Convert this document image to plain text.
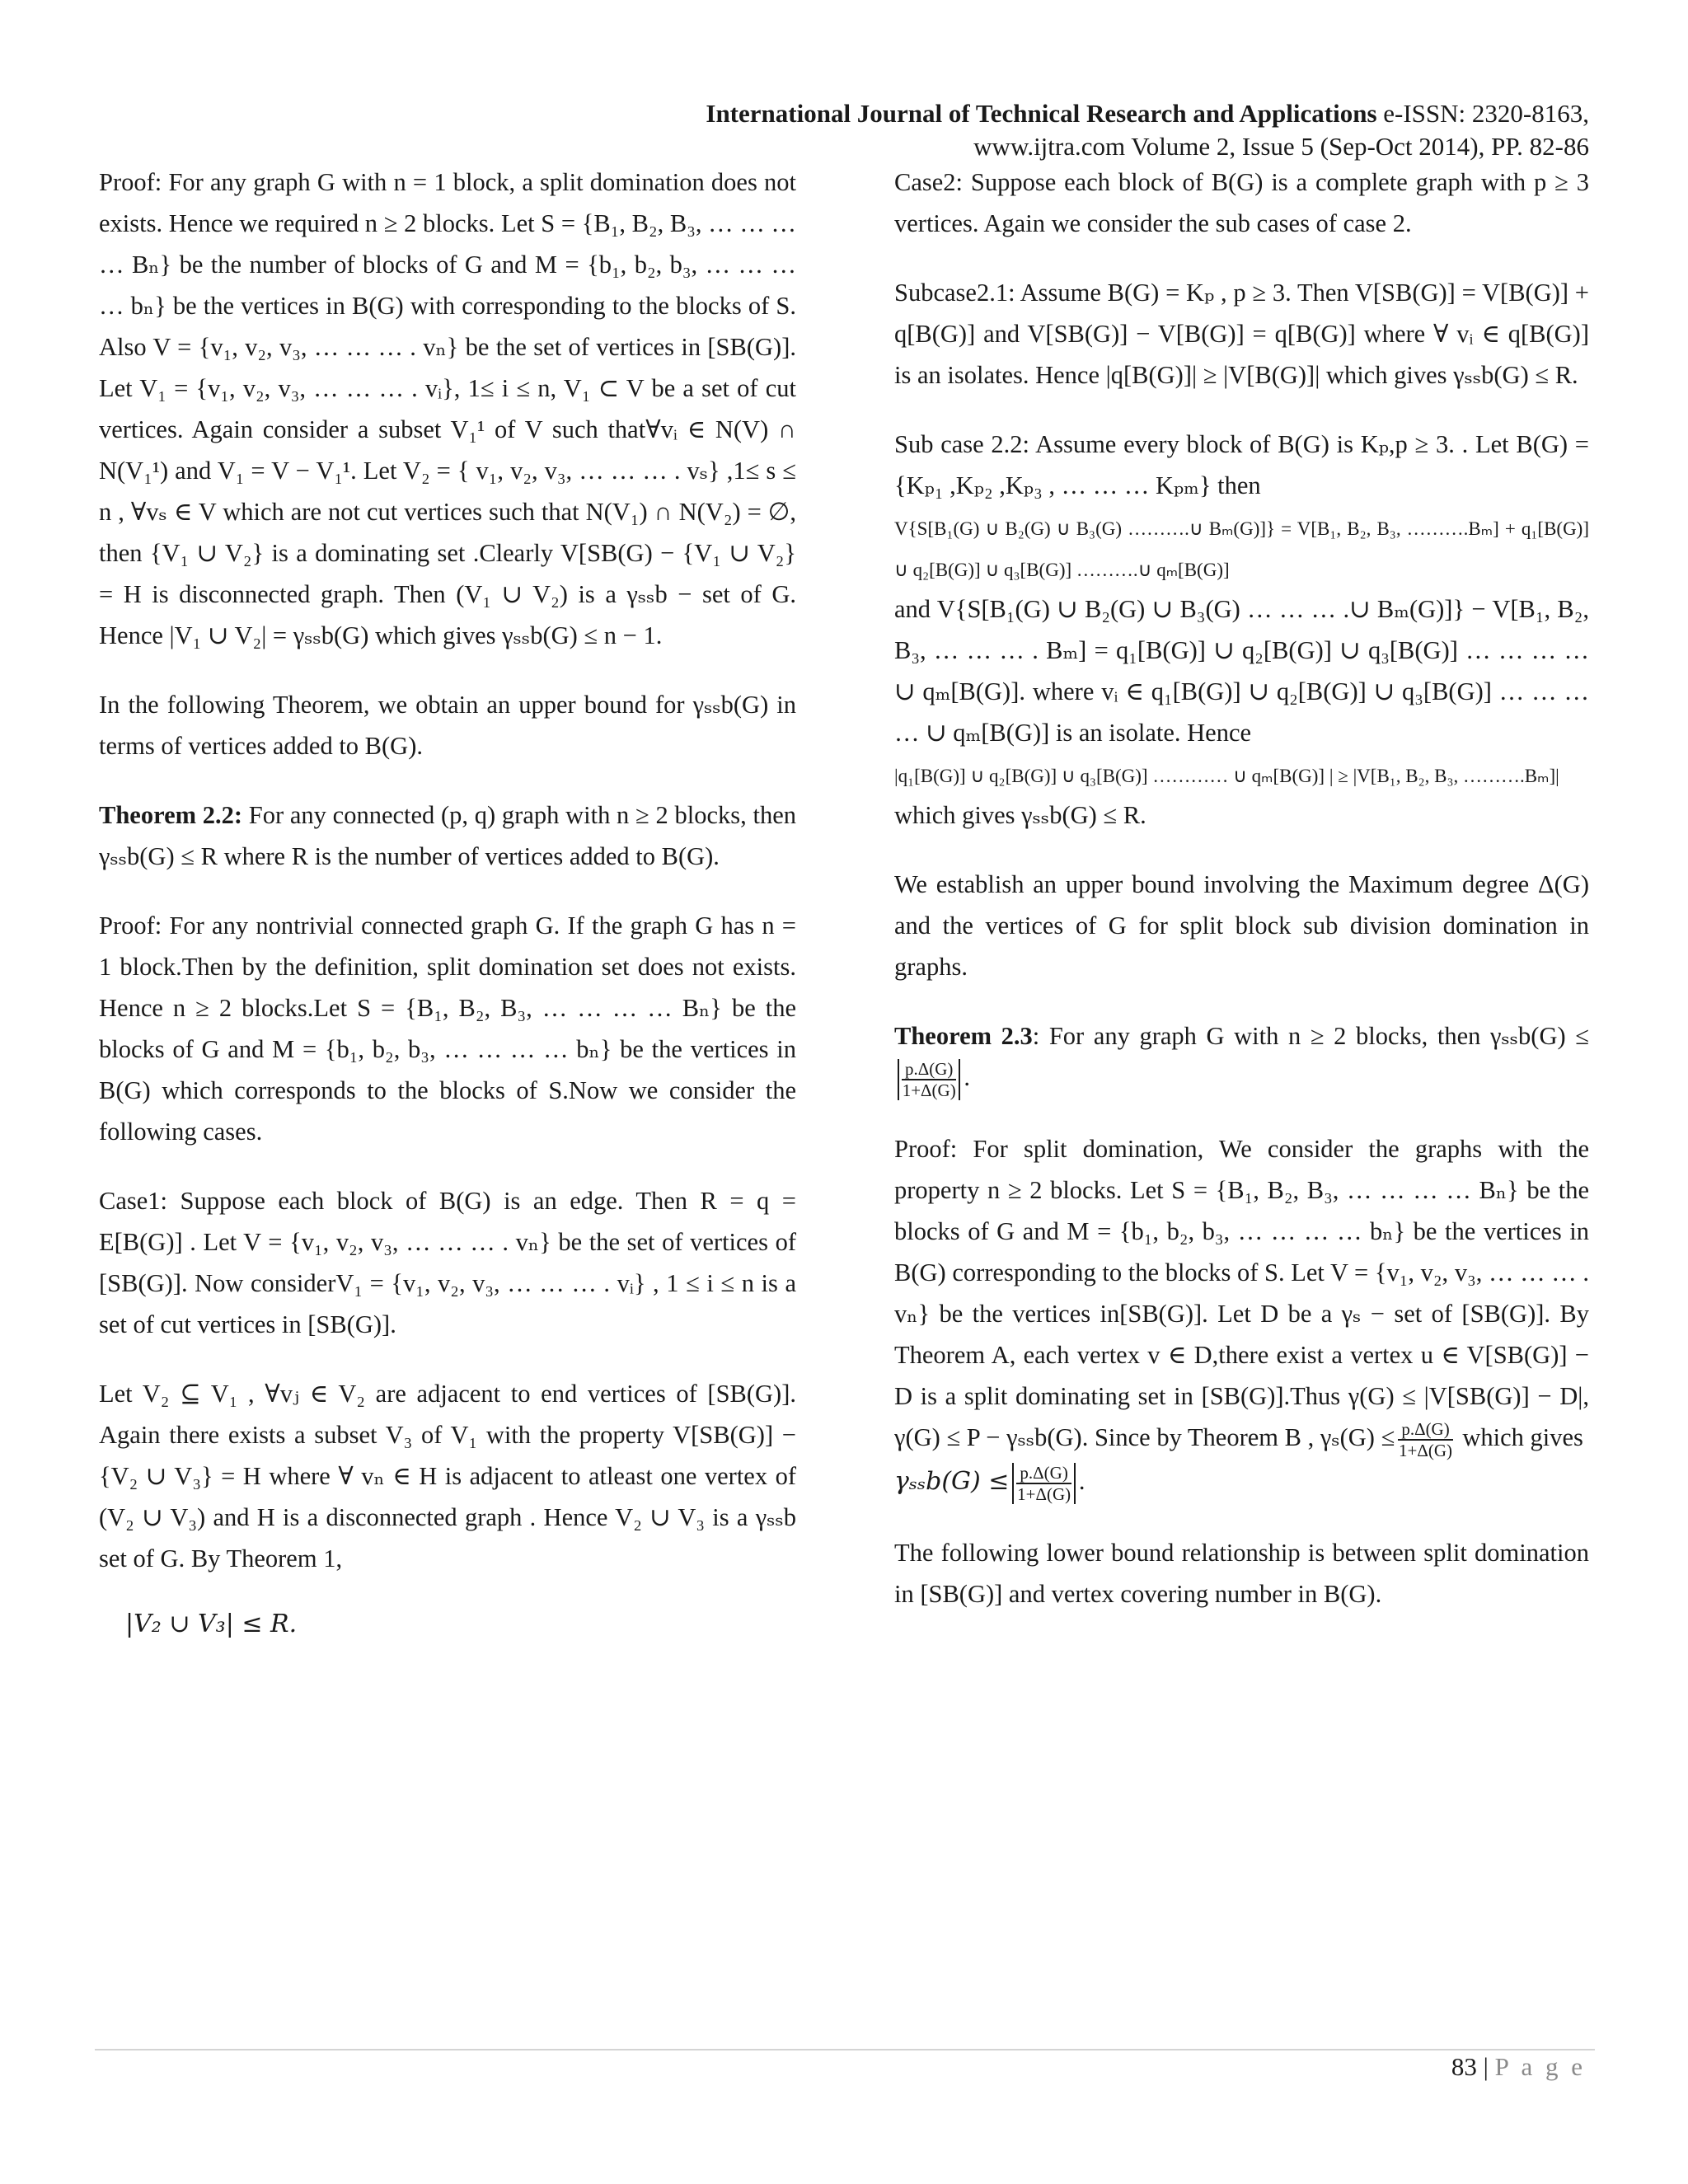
International Journal of Technical Research and Applications e-ISSN: 2320-8163,
www.ijtra.com Volume 2, Issue 5 (Sep-Oct 2014), PP. 82-86

Proof: For any graph G with n = 1 block, a split domination does not exists. Hence we required n ≥ 2 blocks. Let S = {B₁, B₂, B₃, … … … … Bₙ} be the number of blocks of G and M = {b₁, b₂, b₃, … … … … bₙ} be the vertices in B(G) with corresponding to the blocks of S. Also V = {v₁, v₂, v₃, … … … . vₙ} be the set of vertices in [SB(G)]. Let V₁ = {v₁, v₂, v₃, … … … . vᵢ}, 1≤ i ≤ n, V₁ ⊂ V be a set of cut vertices. Again consider a subset V₁¹ of V such that∀vᵢ ∈ N(V) ∩ N(V₁¹) and V₁ = V − V₁¹. Let V₂ = { v₁, v₂, v₃, … … … . vₛ} ,1≤ s ≤ n , ∀vₛ ∈ V which are not cut vertices such that N(V₁) ∩ N(V₂) = ∅, then {V₁ ∪ V₂} is a dominating set .Clearly V[SB(G) − {V₁ ∪ V₂} = H is disconnected graph. Then (V₁ ∪ V₂) is a γₛₛb − set of G. Hence |V₁ ∪ V₂| = γₛₛb(G) which gives γₛₛb(G) ≤ n − 1.

In the following Theorem, we obtain an upper bound for γₛₛb(G) in terms of vertices added to B(G).

Theorem 2.2: For any connected (p, q) graph with n ≥ 2 blocks, then γₛₛb(G) ≤ R where R is the number of vertices added to B(G).

Proof: For any nontrivial connected graph G. If the graph G has n = 1 block.Then by the definition, split domination set does not exists. Hence n ≥ 2 blocks.Let S = {B₁, B₂, B₃, … … … … Bₙ} be the blocks of G and M = {b₁, b₂, b₃, … … … … bₙ} be the vertices in B(G) which corresponds to the blocks of S.Now we consider the following cases.

Case1: Suppose each block of B(G) is an edge. Then R = q = E[B(G)] . Let V = {v₁, v₂, v₃, … … … . vₙ} be the set of vertices of [SB(G)]. Now considerV₁ = {v₁, v₂, v₃, … … … . vᵢ} , 1 ≤ i ≤ n is a set of cut vertices in [SB(G)].

Let V₂ ⊆ V₁ , ∀vⱼ ∈ V₂ are adjacent to end vertices of [SB(G)]. Again there exists a subset V₃ of V₁ with the property V[SB(G)] − {V₂ ∪ V₃} = H where ∀ vₙ ∈ H is adjacent to atleast one vertex of (V₂ ∪ V₃) and H is a disconnected graph . Hence V₂ ∪ V₃ is a γₛₛb set of G. By Theorem 1,

|V₂ ∪ V₃| ≤ R.

Case2: Suppose each block of B(G) is a complete graph with p ≥ 3 vertices. Again we consider the sub cases of case 2.

Subcase2.1: Assume B(G) = Kₚ , p ≥ 3. Then V[SB(G)] = V[B(G)] + q[B(G)] and V[SB(G)] − V[B(G)] = q[B(G)] where ∀ vᵢ ∈ q[B(G)] is an isolates. Hence |q[B(G)]| ≥ |V[B(G)]| which gives γₛₛb(G) ≤ R.

Sub case 2.2: Assume every block of B(G) is Kₚ,p ≥ 3. . Let B(G) = {Kₚ₁ ,Kₚ₂ ,Kₚ₃ , … … … Kₚₘ} then
V{S[B₁(G) ∪ B₂(G) ∪ B₃(G) ……….∪ Bₘ(G)]} = V[B₁, B₂, B₃, ……….Bₘ] + q₁[B(G)] ∪ q₂[B(G)] ∪ q₃[B(G)] ……….∪ qₘ[B(G)]
and V{S[B₁(G) ∪ B₂(G) ∪ B₃(G) … … … .∪ Bₘ(G)]} − V[B₁, B₂, B₃, … … … . Bₘ] = q₁[B(G)] ∪ q₂[B(G)] ∪ q₃[B(G)] … … … … ∪ qₘ[B(G)]. where vᵢ ∈ q₁[B(G)] ∪ q₂[B(G)] ∪ q₃[B(G)] … … … … ∪ qₘ[B(G)] is an isolate. Hence
|q₁[B(G)] ∪ q₂[B(G)] ∪ q₃[B(G)] ………… ∪ qₘ[B(G)] | ≥ |V[B₁, B₂, B₃, ……….Bₘ]|
which gives γₛₛb(G) ≤ R.

We establish an upper bound involving the Maximum degree Δ(G) and the vertices of G for split block sub division domination in graphs.

Theorem 2.3: For any graph G with n ≥ 2 blocks, then γₛₛb(G) ≤
$\frac{p.\Delta(G)}{1+\Delta(G)}$ .

Proof: For split domination, We consider the graphs with the property n ≥ 2 blocks. Let S = {B₁, B₂, B₃, … … … … Bₙ} be the blocks of G and M = {b₁, b₂, b₃, … … … … bₙ} be the vertices in B(G) corresponding to the blocks of S. Let V = {v₁, v₂, v₃, … … … . vₙ} be the vertices in[SB(G)]. Let D be a γₛ − set of [SB(G)]. By Theorem A, each vertex v ∈ D,there exist a vertex u ∈ V[SB(G)] − D is a split dominating set in [SB(G)].Thus γ(G) ≤ |V[SB(G)] − D|, γ(G) ≤ P − γₛₛb(G). Since by Theorem B , $\gamma_s(G) \le \frac{p.\Delta(G)}{1+\Delta(G)}$ which gives
$\gamma_{ss}b(G) \le \frac{p.\Delta(G)}{1+\Delta(G)}$ .

The following lower bound relationship is between split domination in [SB(G)] and vertex covering number in B(G).

83 | P a g e
